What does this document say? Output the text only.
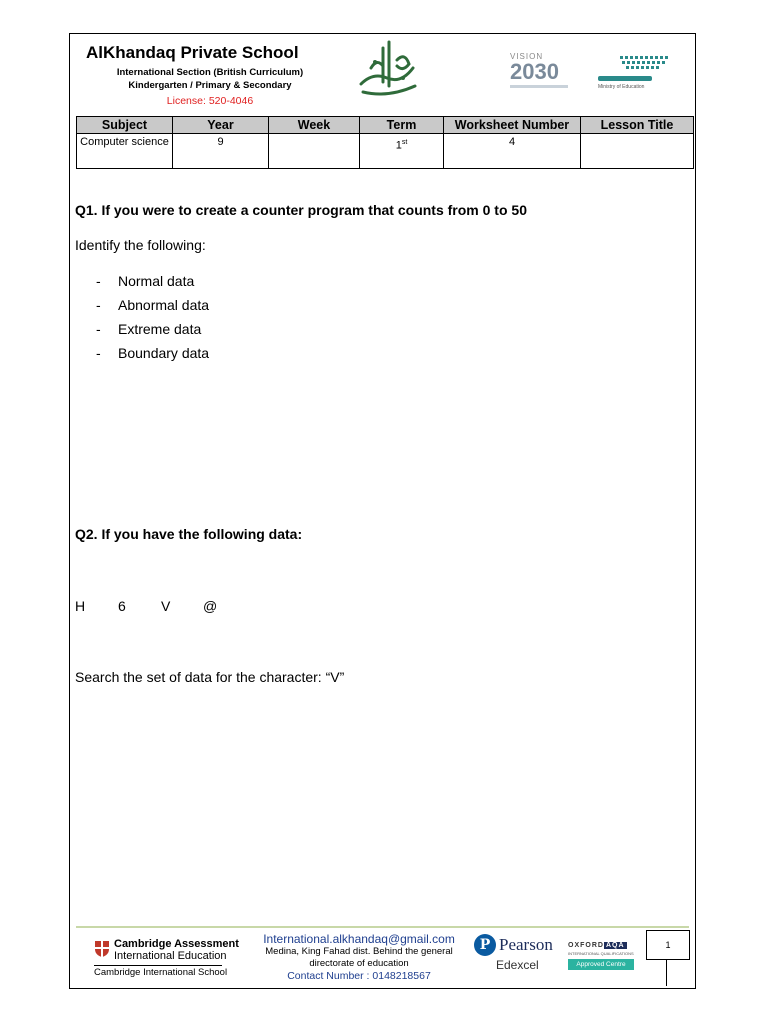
AlKhandaq Private School
International Section (British Curriculum)
Kindergarten / Primary & Secondary
License: 520-4046
VISION
2030
Ministry of Education
Subject	Year	Week	Term	Worksheet Number	Lesson Title
Computer science	9		1st	4	
Q1. If you were to create a counter program that counts from 0 to 50
Identify the following:
- Normal data
- Abnormal data
- Extreme data
- Boundary data
Q2. If you have the following data:
H 6	V @
Search the set of data for the character: “V”
Cambridge Assessment
International Education
Cambridge International School
International.alkhandaq@gmail.com
Medina, King Fahad dist. Behind the general directorate of education
Contact Number : 0148218567
P Pearson
Edexcel
OXFORD AQA
INTERNATIONAL QUALIFICATIONS
Approved Centre
1
